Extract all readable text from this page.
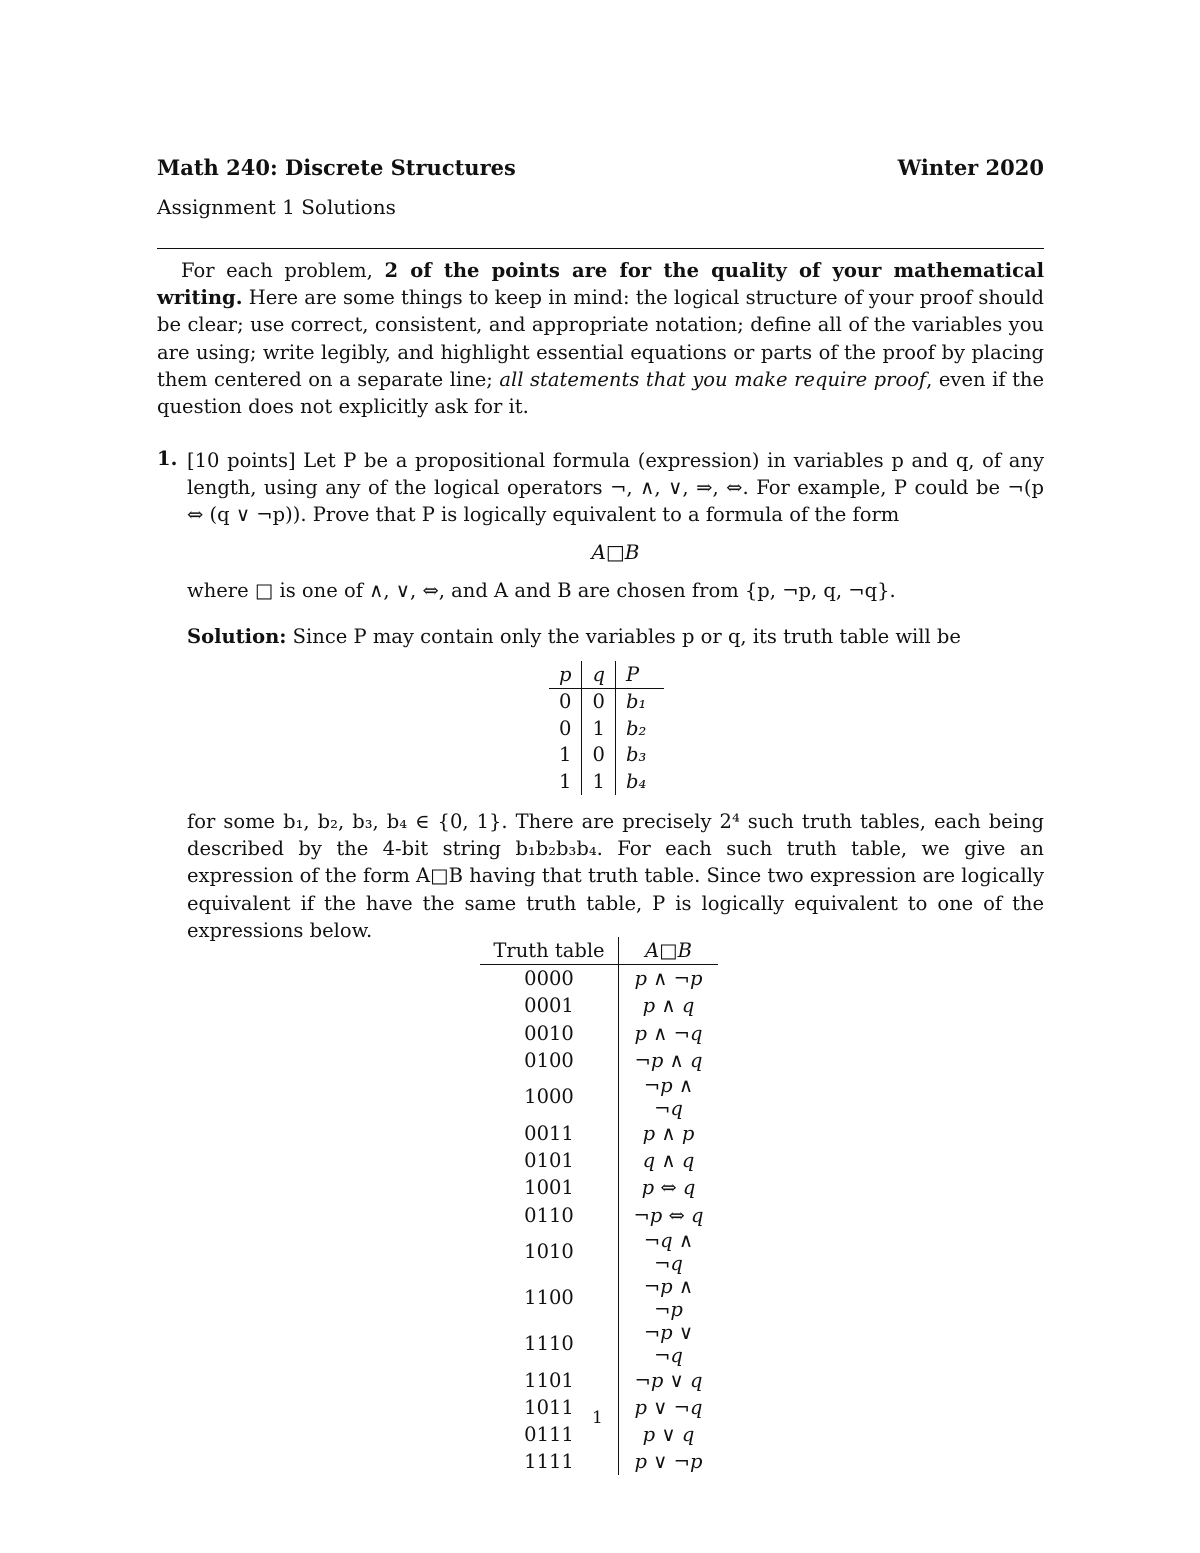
Math 240: Discrete Structures	Winter 2020
Assignment 1 Solutions
For each problem, 2 of the points are for the quality of your mathematical writing. Here are some things to keep in mind: the logical structure of your proof should be clear; use correct, consistent, and appropriate notation; define all of the variables you are using; write legibly, and highlight essential equations or parts of the proof by placing them centered on a separate line; all statements that you make require proof, even if the question does not explicitly ask for it.
1. [10 points] Let P be a propositional formula (expression) in variables p and q, of any length, using any of the logical operators ¬, ∧, ∨, ⇒, ⇔. For example, P could be ¬(p ⇔ (q ∨ ¬p)). Prove that P is logically equivalent to a formula of the form
A□B
where □ is one of ∧, ∨, ⇔, and A and B are chosen from {p, ¬p, q, ¬q}.
Solution: Since P may contain only the variables p or q, its truth table will be
p	q	P
0	0	b₁
0	1	b₂
1	0	b₃
1	1	b₄
for some b₁, b₂, b₃, b₄ ∈ {0, 1}. There are precisely 2⁴ such truth tables, each being described by the 4-bit string b₁b₂b₃b₄. For each such truth table, we give an expression of the form A□B having that truth table. Since two expression are logically equivalent if the have the same truth table, P is logically equivalent to one of the expressions below.
Truth table	A□B
0000	p ∧ ¬p
0001	p ∧ q
0010	p ∧ ¬q
0100	¬p ∧ q
1000	¬p ∧ ¬q
0011	p ∧ p
0101	q ∧ q
1001	p ⇔ q
0110	¬p ⇔ q
1010	¬q ∧ ¬q
1100	¬p ∧ ¬p
1110	¬p ∨ ¬q
1101	¬p ∨ q
1011	p ∨ ¬q
0111	p ∨ q
1111	p ∨ ¬p
1
